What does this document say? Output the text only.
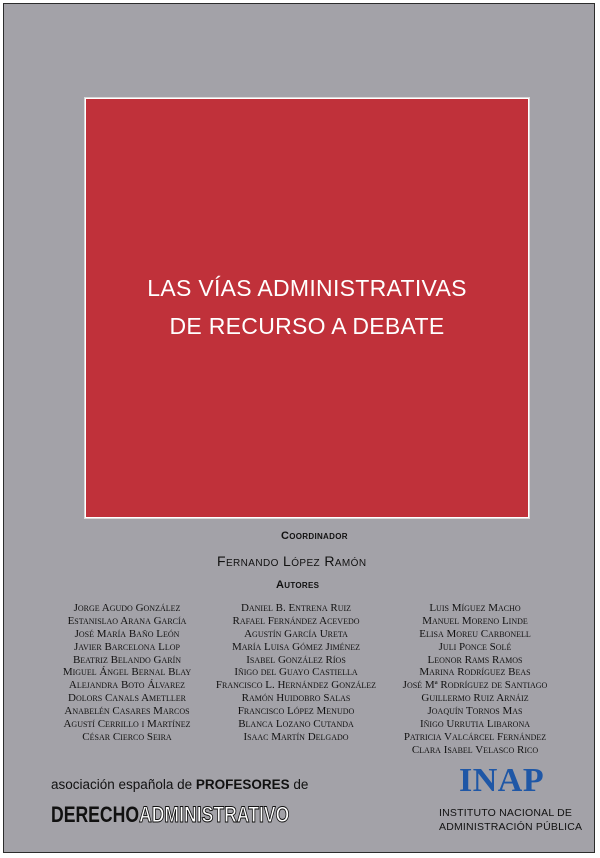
LAS VÍAS ADMINISTRATIVAS
DE RECURSO A DEBATE
Coordinador
Fernando López Ramón
Autores
Jorge Agudo González
Estanislao Arana García
José María Baño León
Javier Barcelona Llop
Beatriz Belando Garín
Miguel Ángel Bernal Blay
Alejandra Boto Álvarez
Dolors Canals Ametller
Anabelén Casares Marcos
Agustí Cerrillo i Martínez
César Cierco Seira
Daniel B. Entrena Ruiz
Rafael Fernández Acevedo
Agustín García Ureta
María Luisa Gómez Jiménez
Isabel González Ríos
Iñigo del Guayo Castiella
Francisco L. Hernández González
Ramón Huidobro Salas
Francisco López Menudo
Blanca Lozano Cutanda
Isaac Martín Delgado
Luis Míguez Macho
Manuel Moreno Linde
Elisa Moreu Carbonell
Juli Ponce Solé
Leonor Rams Ramos
Marina Rodríguez Beas
José Mª Rodríguez de Santiago
Guillermo Ruiz Arnáiz
Joaquín Tornos Mas
Iñigo Urrutia Libarona
Patricia Valcárcel Fernández
Clara Isabel Velasco Rico
asociación española de PROFESORES de
DERECHOADMINISTRATIVO
INAP
INSTITUTO NACIONAL DE
ADMINISTRACIÓN PÚBLICA
